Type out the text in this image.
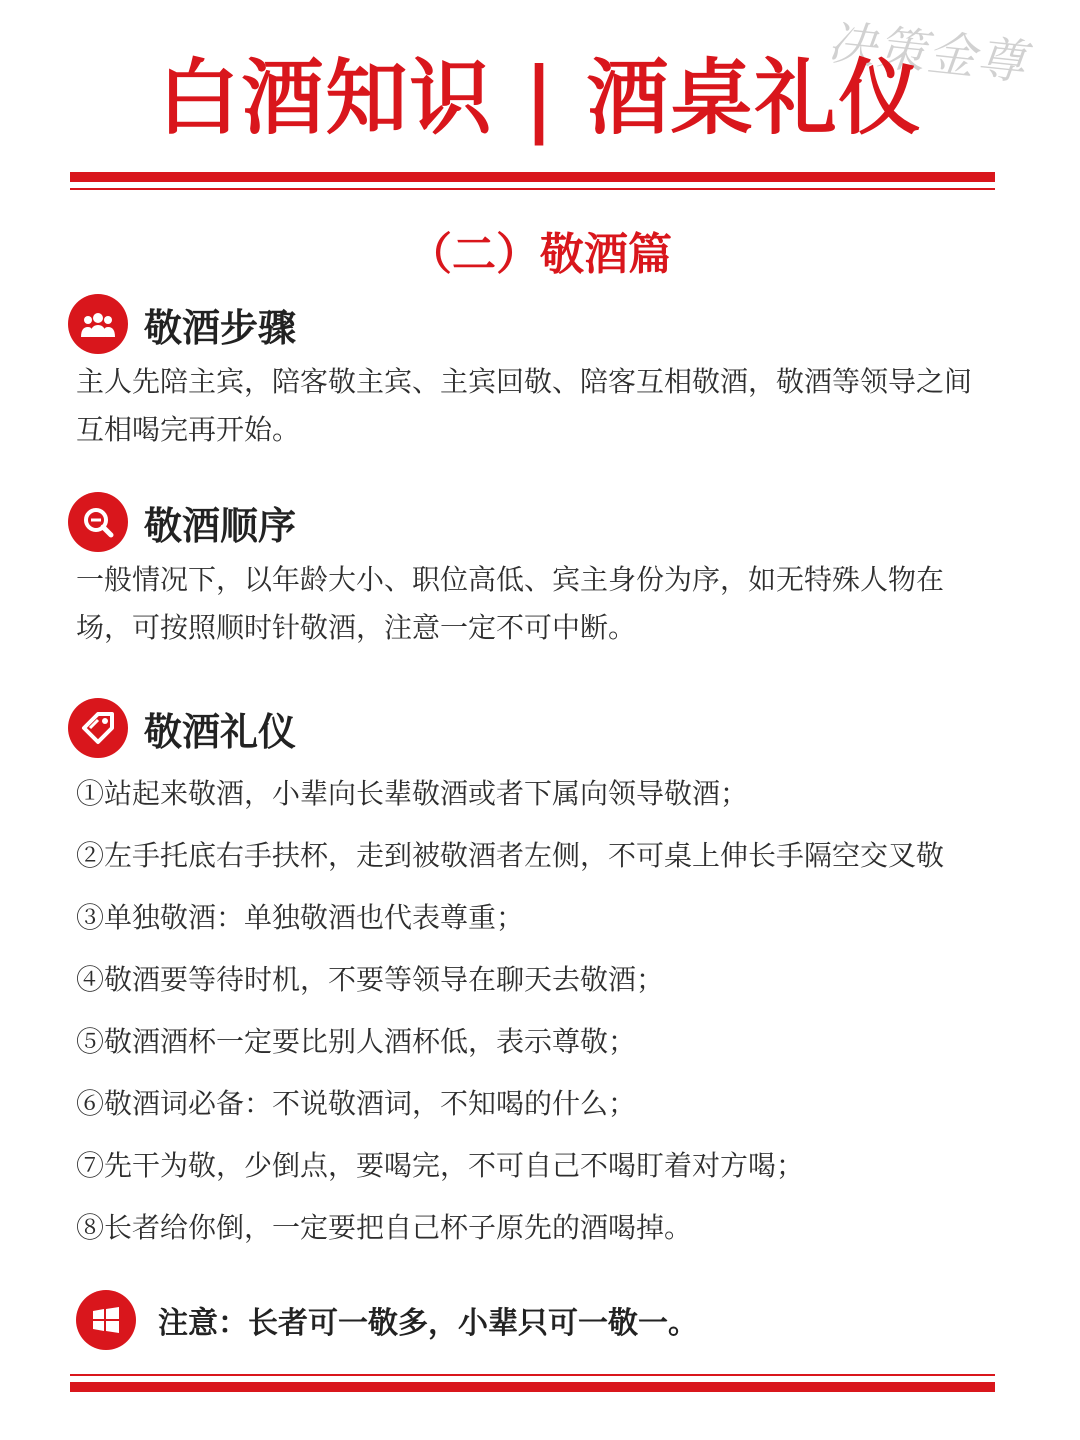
决策金尊
白酒知识 | 酒桌礼仪
（二）敬酒篇
敬酒步骤
主人先陪主宾，陪客敬主宾、主宾回敬、陪客互相敬酒，敬酒等领导之间互相喝完再开始。
敬酒顺序
一般情况下，以年龄大小、职位高低、宾主身份为序，如无特殊人物在场，可按照顺时针敬酒，注意一定不可中断。
敬酒礼仪
①站起来敬酒，小辈向长辈敬酒或者下属向领导敬酒；
②左手托底右手扶杯，走到被敬酒者左侧，不可桌上伸长手隔空交叉敬
③单独敬酒：单独敬酒也代表尊重；
④敬酒要等待时机，不要等领导在聊天去敬酒；
⑤敬酒酒杯一定要比别人酒杯低，表示尊敬；
⑥敬酒词必备：不说敬酒词，不知喝的什么；
⑦先干为敬，少倒点，要喝完，不可自己不喝盯着对方喝；
⑧长者给你倒，一定要把自己杯子原先的酒喝掉。
注意：长者可一敬多，小辈只可一敬一。
